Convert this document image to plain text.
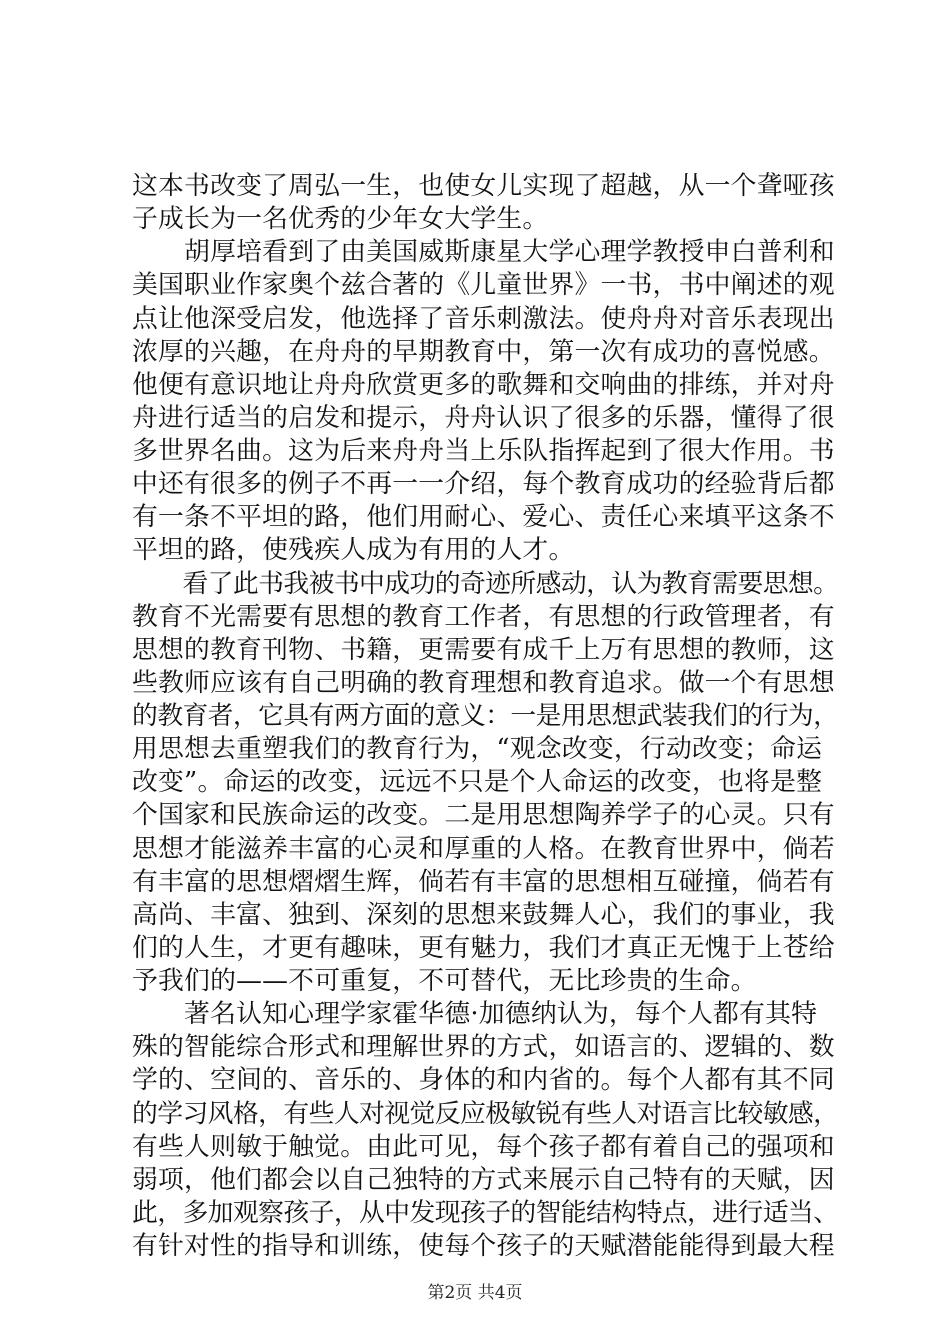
这本书改变了周弘一生，也使女儿实现了超越，从一个聋哑孩
子成长为一名优秀的少年女大学生。
　　胡厚培看到了由美国威斯康星大学心理学教授申白普利和
美国职业作家奥个兹合著的《儿童世界》一书，书中阐述的观
点让他深受启发，他选择了音乐刺激法。使舟舟对音乐表现出
浓厚的兴趣，在舟舟的早期教育中，第一次有成功的喜悦感。
他便有意识地让舟舟欣赏更多的歌舞和交响曲的排练，并对舟
舟进行适当的启发和提示，舟舟认识了很多的乐器，懂得了很
多世界名曲。这为后来舟舟当上乐队指挥起到了很大作用。书
中还有很多的例子不再一一介绍，每个教育成功的经验背后都
有一条不平坦的路，他们用耐心、爱心、责任心来填平这条不
平坦的路，使残疾人成为有用的人才。
　　看了此书我被书中成功的奇迹所感动，认为教育需要思想。
教育不光需要有思想的教育工作者，有思想的行政管理者，有
思想的教育刊物、书籍，更需要有成千上万有思想的教师，这
些教师应该有自己明确的教育理想和教育追求。做一个有思想
的教育者，它具有两方面的意义：一是用思想武装我们的行为，
用思想去重塑我们的教育行为，“观念改变，行动改变；命运
改变”。命运的改变，远远不只是个人命运的改变，也将是整
个国家和民族命运的改变。二是用思想陶养学子的心灵。只有
思想才能滋养丰富的心灵和厚重的人格。在教育世界中，倘若
有丰富的思想熠熠生辉，倘若有丰富的思想相互碰撞，倘若有
高尚、丰富、独到、深刻的思想来鼓舞人心，我们的事业，我
们的人生，才更有趣味，更有魅力，我们才真正无愧于上苍给
予我们的——不可重复，不可替代，无比珍贵的生命。
　　著名认知心理学家霍华德·加德纳认为，每个人都有其特
殊的智能综合形式和理解世界的方式，如语言的、逻辑的、数
学的、空间的、音乐的、身体的和内省的。每个人都有其不同
的学习风格，有些人对视觉反应极敏锐有些人对语言比较敏感，
有些人则敏于触觉。由此可见，每个孩子都有着自己的强项和
弱项，他们都会以自己独特的方式来展示自己特有的天赋，因
此，多加观察孩子，从中发现孩子的智能结构特点，进行适当、
有针对性的指导和训练，使每个孩子的天赋潜能能得到最大程
第2页 共4页
